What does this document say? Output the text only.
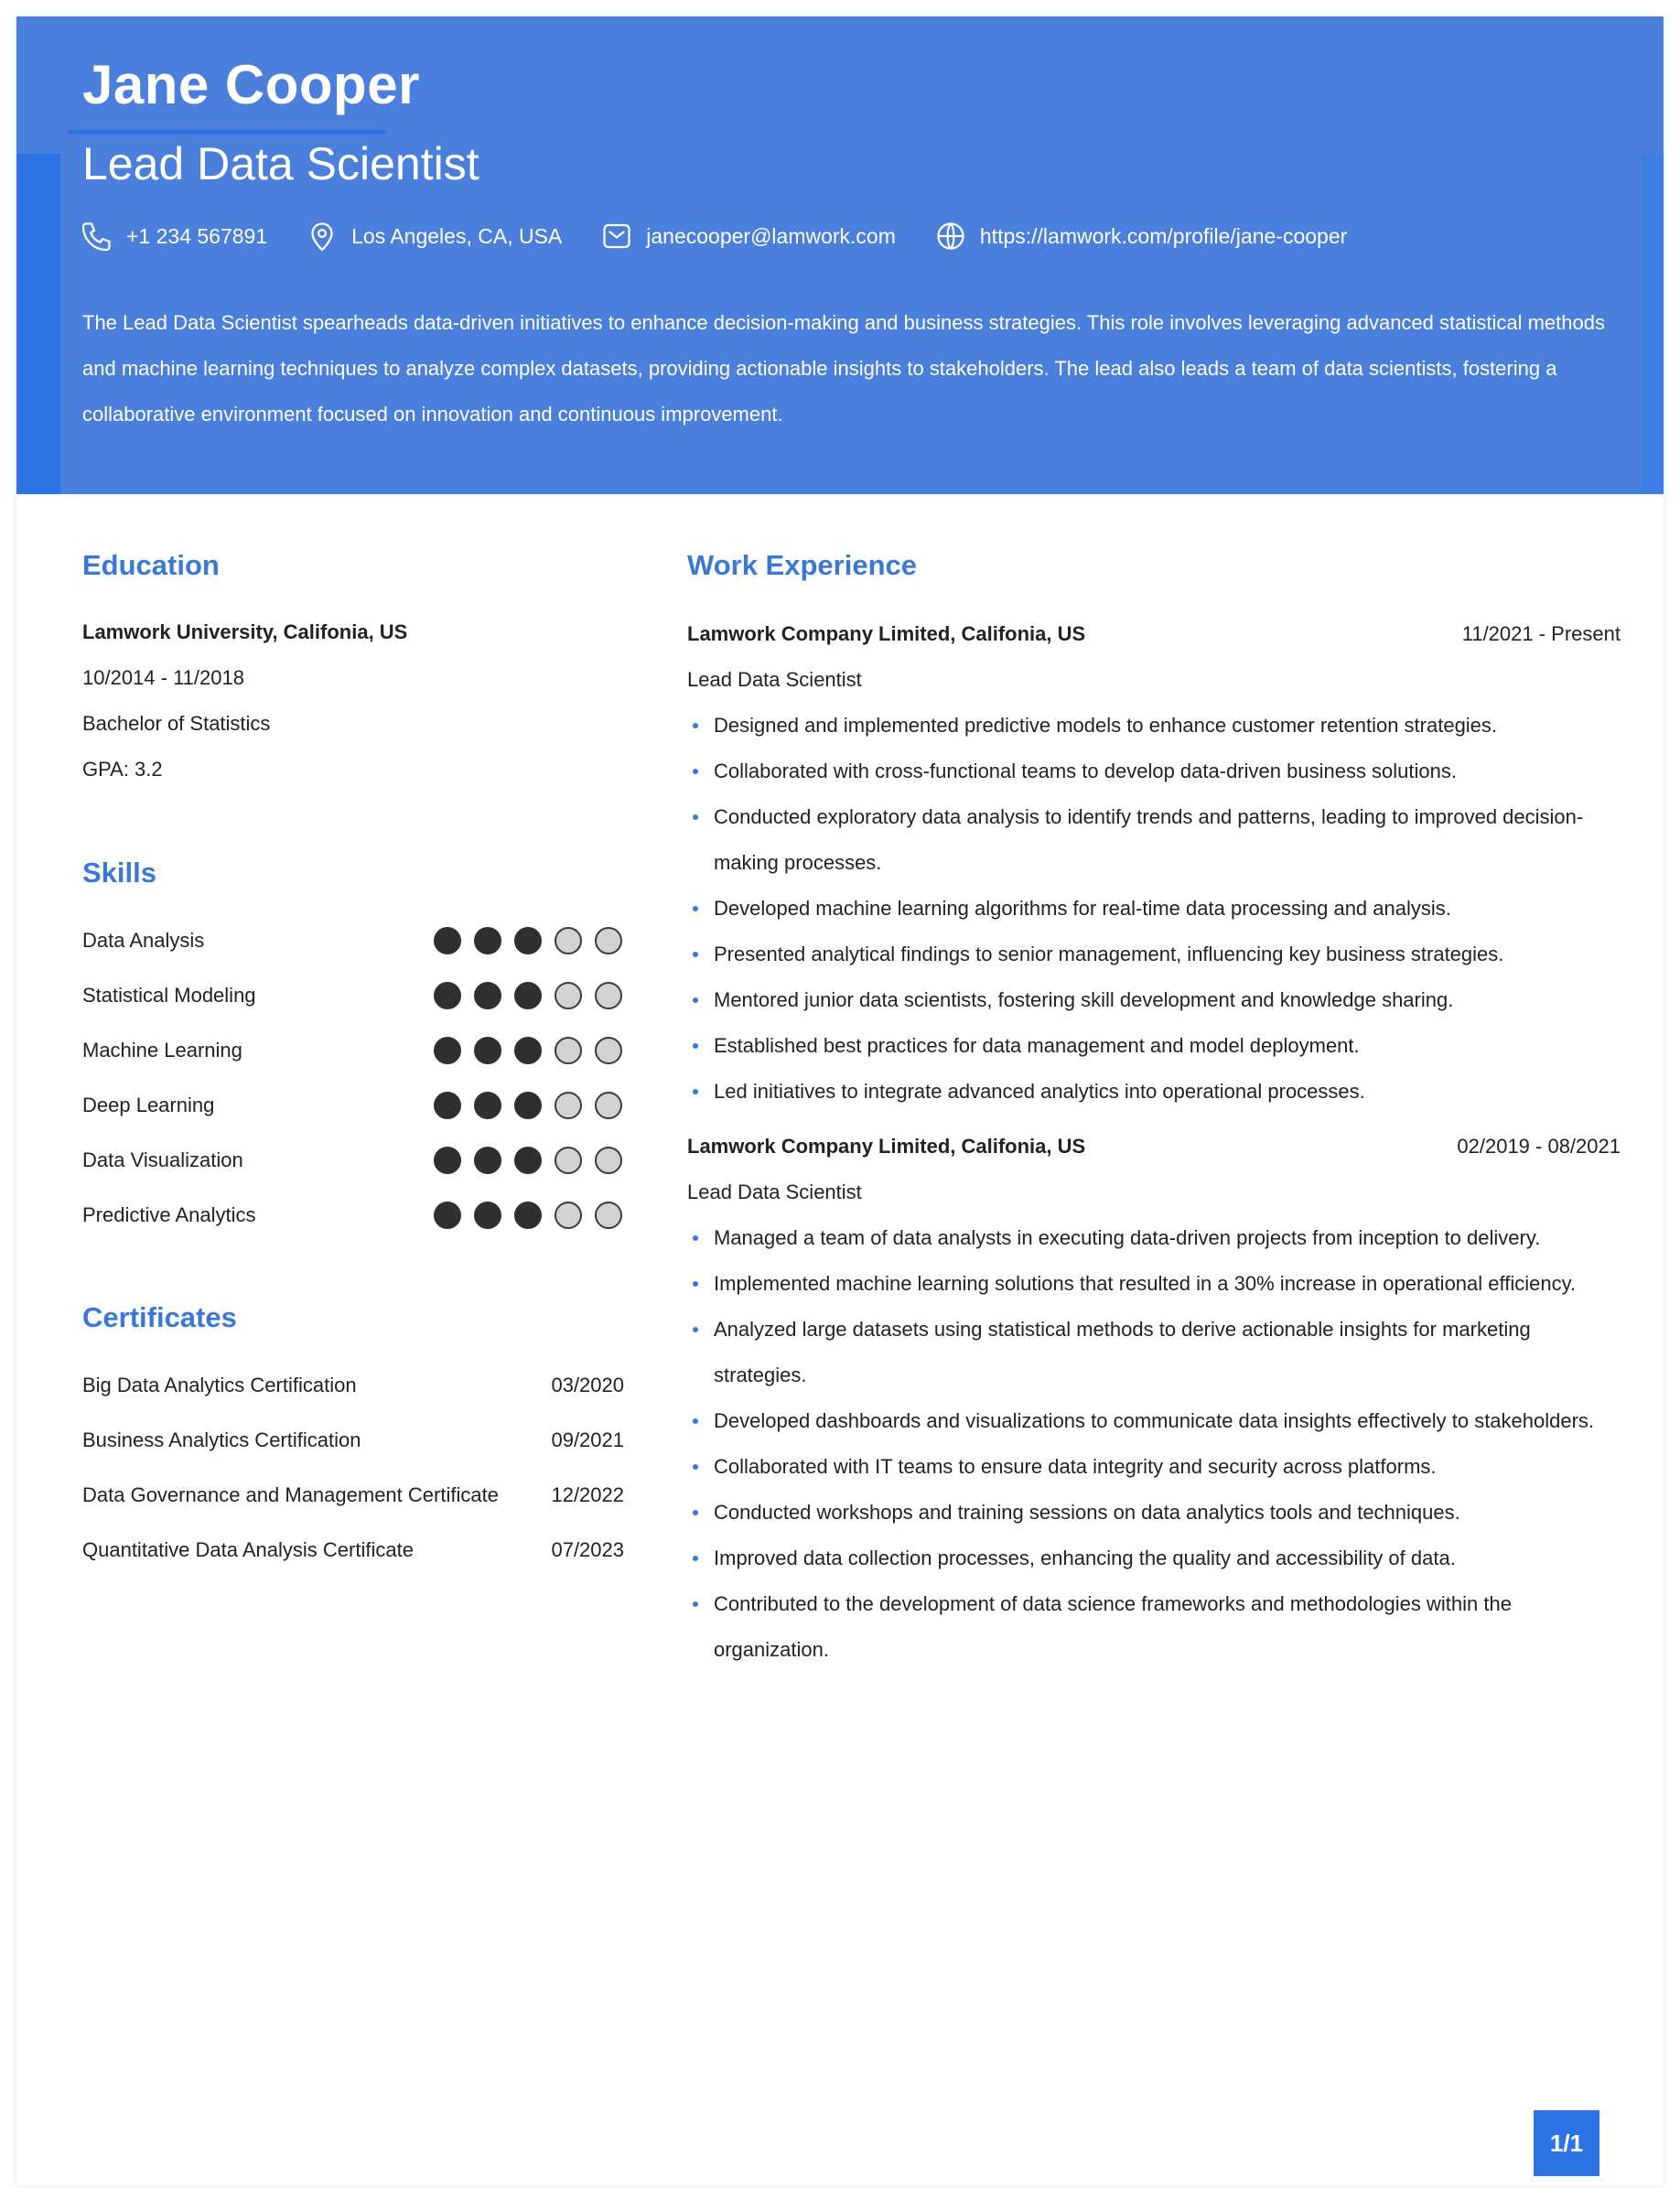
Jane Cooper
Lead Data Scientist
+1 234 567891	Los Angeles, CA, USA	janecooper@lamwork.com	https://lamwork.com/profile/jane-cooper
The Lead Data Scientist spearheads data-driven initiatives to enhance decision-making and business strategies. This role involves leveraging advanced statistical methods and machine learning techniques to analyze complex datasets, providing actionable insights to stakeholders. The lead also leads a team of data scientists, fostering a collaborative environment focused on innovation and continuous improvement.
Education
Lamwork University, Califonia, US
10/2014 - 11/2018
Bachelor of Statistics
GPA: 3.2
Skills
Data Analysis
Statistical Modeling
Machine Learning
Deep Learning
Data Visualization
Predictive Analytics
Certificates
Big Data Analytics Certification	03/2020
Business Analytics Certification	09/2021
Data Governance and Management Certificate	12/2022
Quantitative Data Analysis Certificate	07/2023
Work Experience
Lamwork Company Limited, Califonia, US	11/2021 - Present
Lead Data Scientist
Designed and implemented predictive models to enhance customer retention strategies.
Collaborated with cross-functional teams to develop data-driven business solutions.
Conducted exploratory data analysis to identify trends and patterns, leading to improved decision-making processes.
Developed machine learning algorithms for real-time data processing and analysis.
Presented analytical findings to senior management, influencing key business strategies.
Mentored junior data scientists, fostering skill development and knowledge sharing.
Established best practices for data management and model deployment.
Led initiatives to integrate advanced analytics into operational processes.
Lamwork Company Limited, Califonia, US	02/2019 - 08/2021
Lead Data Scientist
Managed a team of data analysts in executing data-driven projects from inception to delivery.
Implemented machine learning solutions that resulted in a 30% increase in operational efficiency.
Analyzed large datasets using statistical methods to derive actionable insights for marketing strategies.
Developed dashboards and visualizations to communicate data insights effectively to stakeholders.
Collaborated with IT teams to ensure data integrity and security across platforms.
Conducted workshops and training sessions on data analytics tools and techniques.
Improved data collection processes, enhancing the quality and accessibility of data.
Contributed to the development of data science frameworks and methodologies within the organization.
1/1
